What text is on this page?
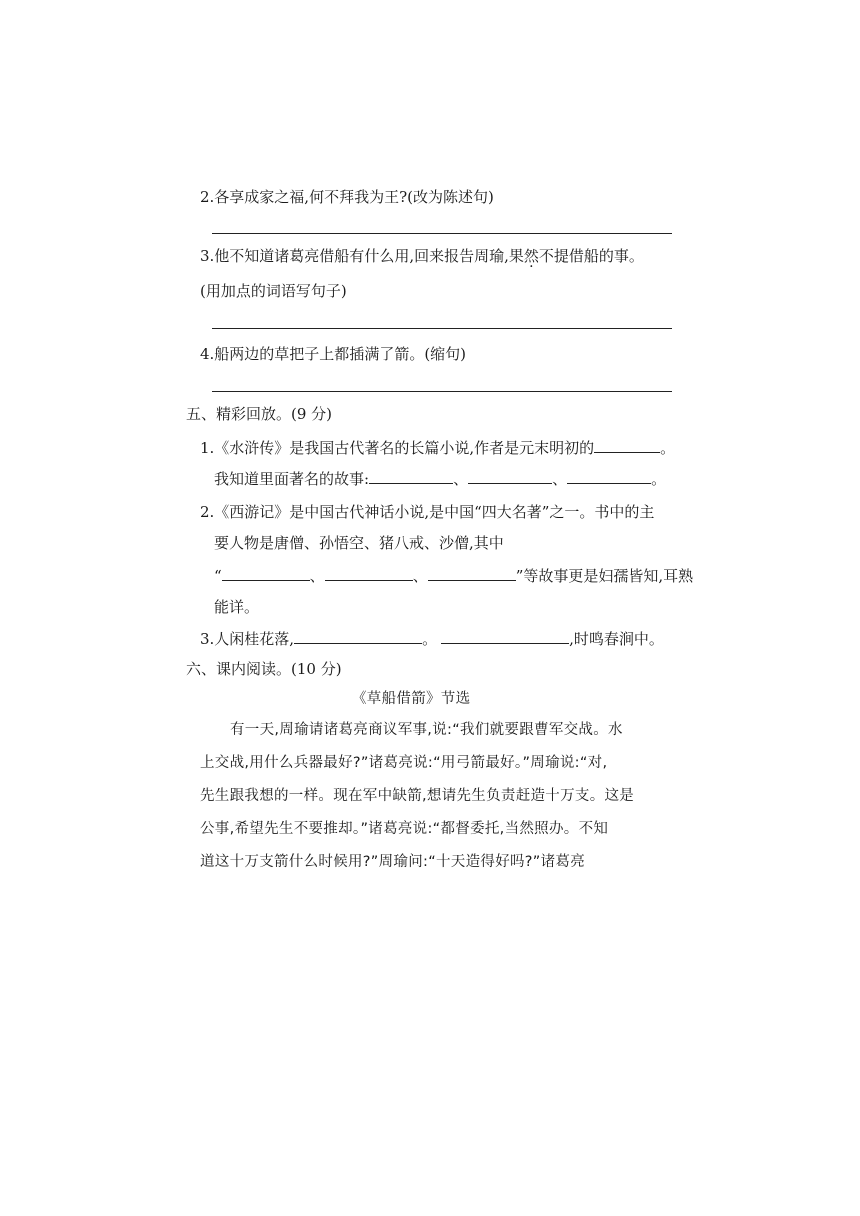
2.各享成家之福,何不拜我为王?(改为陈述句)
3.他不知道诸葛亮借船有什么用,回来报告周瑜,果然不提借船的事。
(用加点的词语写句子)
4.船两边的草把子上都插满了箭。(缩句)
五、精彩回放。(9 分)
1.《水浒传》是我国古代著名的长篇小说,作者是元末明初的	。
我知道里面著名的故事:	、	、	。
2.《西游记》是中国古代神话小说,是中国“四大名著”之一。书中的主
要人物是唐僧、孙悟空、猪八戒、沙僧,其中
“	、	、	”等故事更是妇孺皆知,耳熟
能详。
3.人闲桂花落,	。	,时鸣春涧中。
六、课内阅读。(10 分)
《草船借箭》节选
有一天,周瑜请诸葛亮商议军事,说:“我们就要跟曹军交战。水
上交战,用什么兵器最好?”诸葛亮说:“用弓箭最好。”周瑜说:“对,
先生跟我想的一样。现在军中缺箭,想请先生负责赶造十万支。这是
公事,希望先生不要推却。”诸葛亮说:“都督委托,当然照办。不知
道这十万支箭什么时候用?”周瑜问:“十天造得好吗?”诸葛亮
